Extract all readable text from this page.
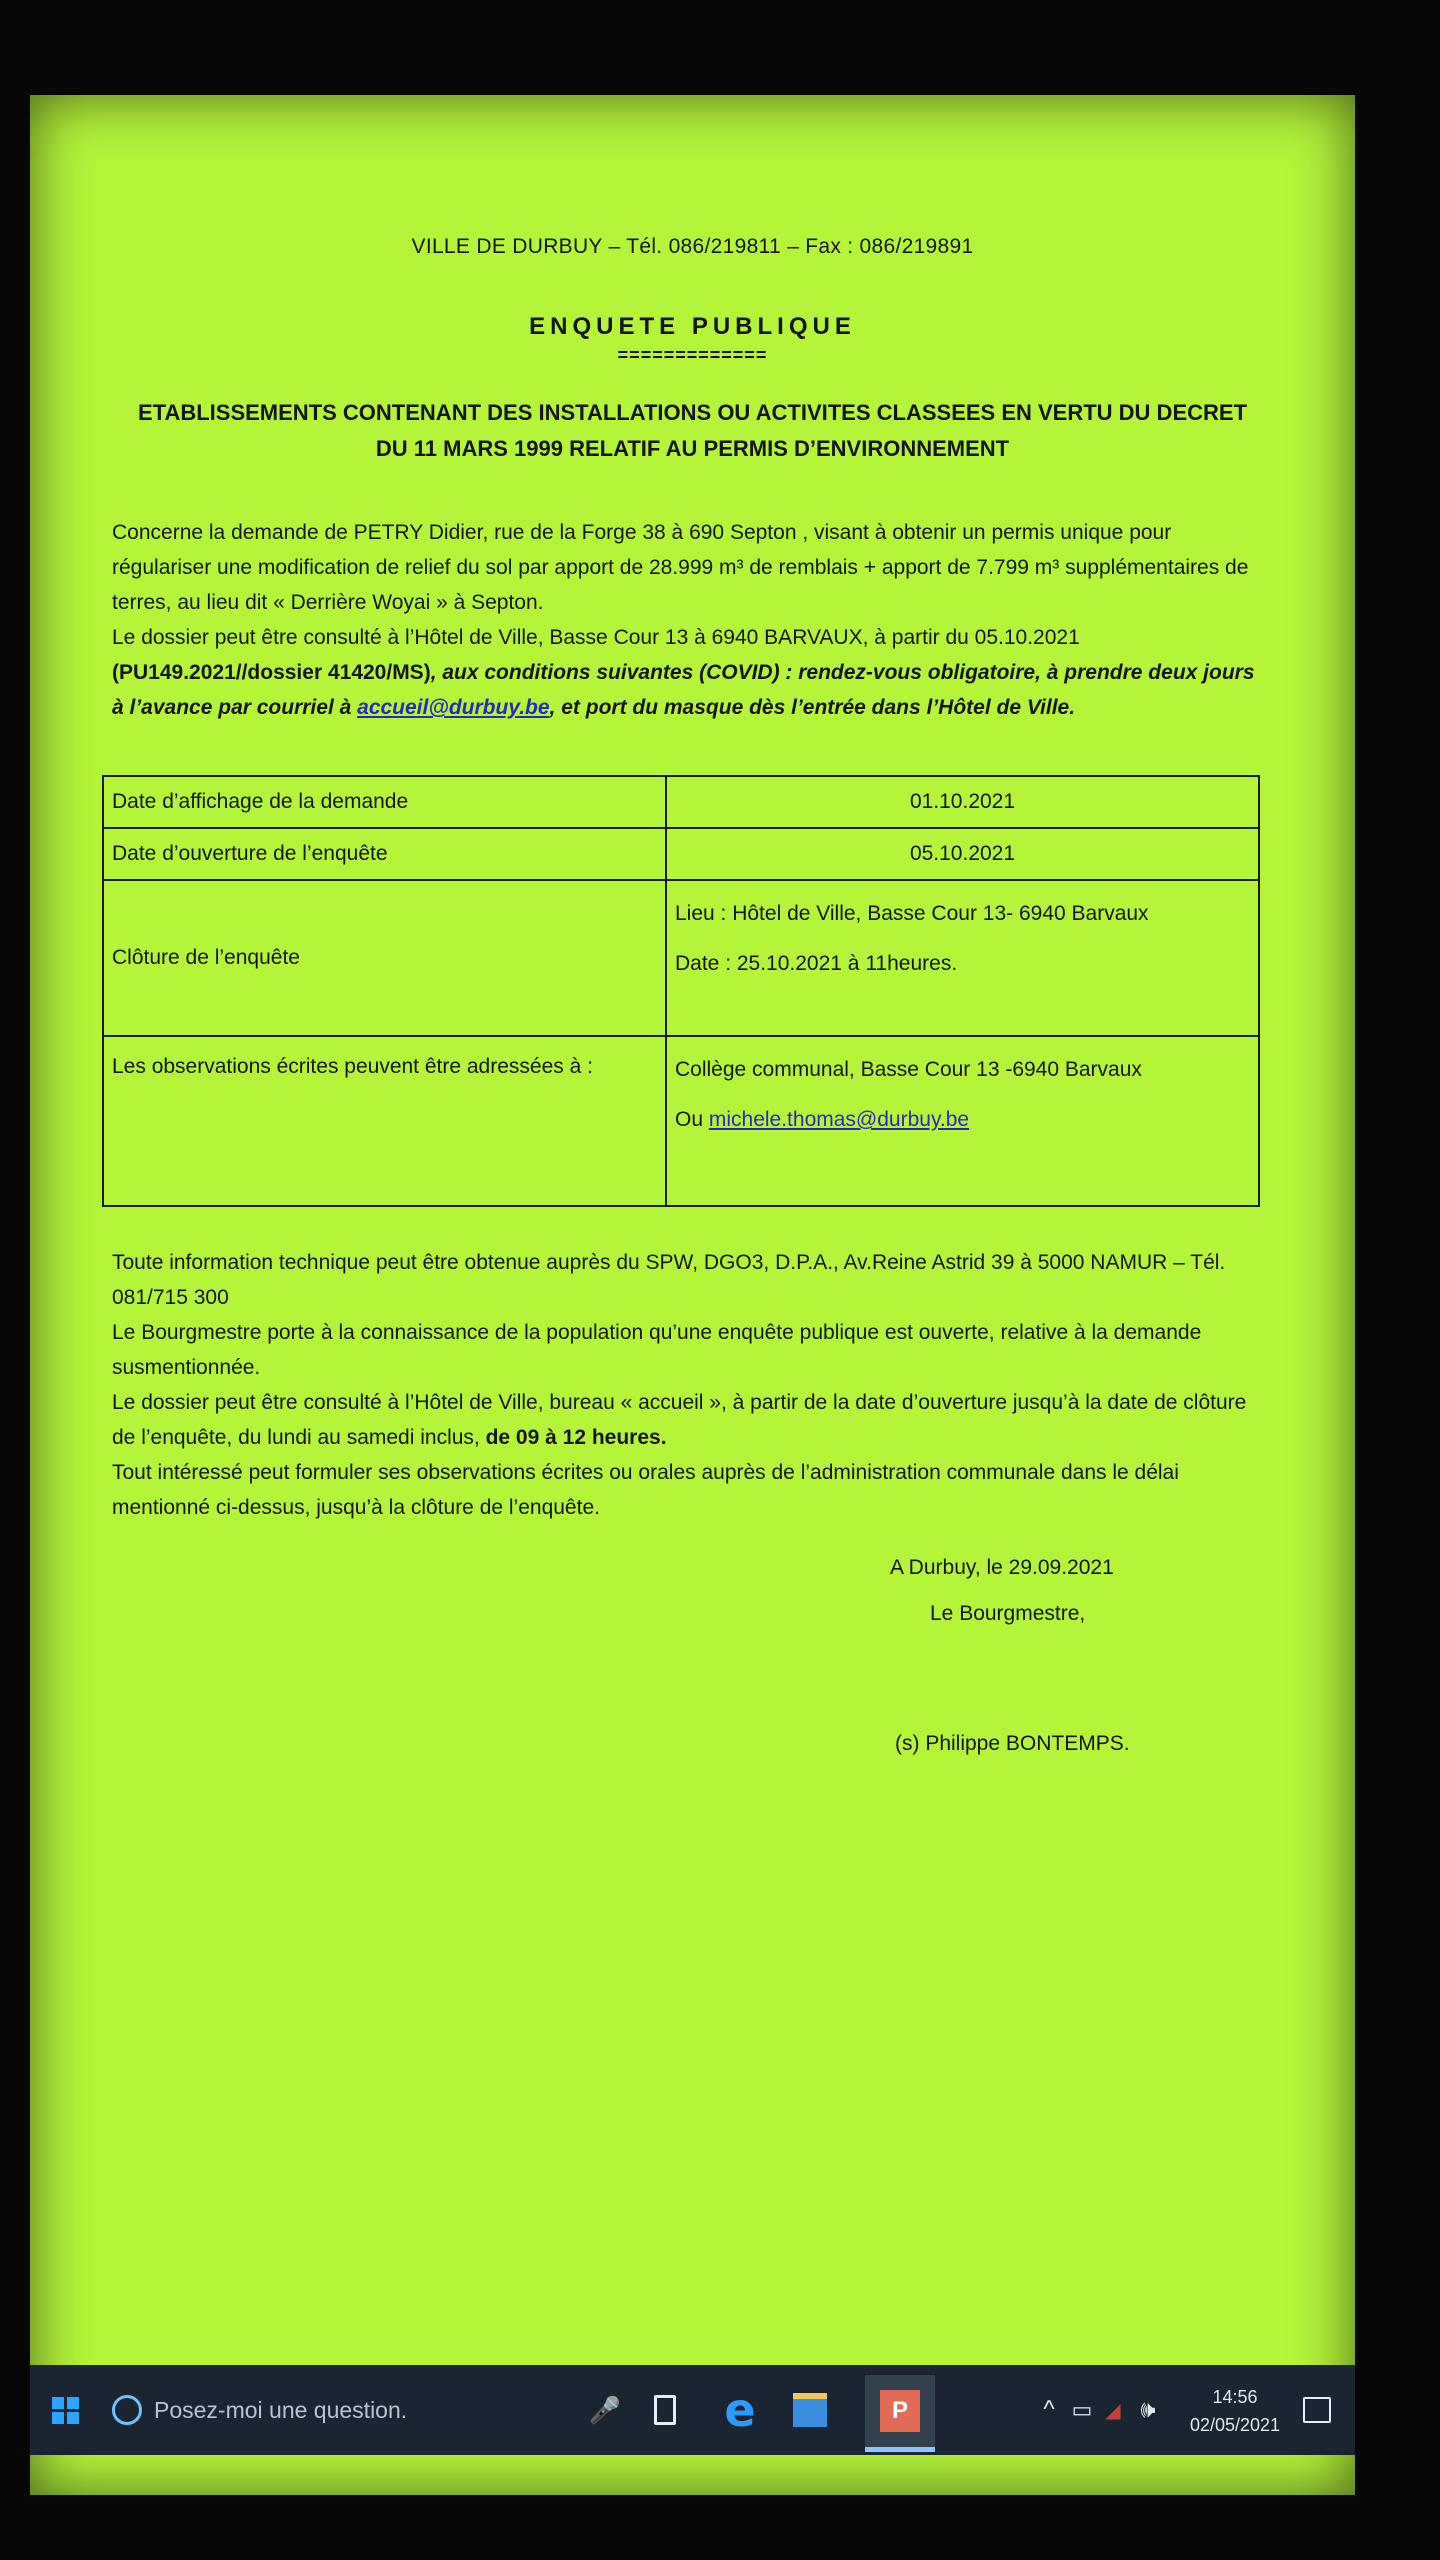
VILLE DE DURBUY – Tél. 086/219811 – Fax : 086/219891
ENQUETE PUBLIQUE
=============
ETABLISSEMENTS CONTENANT DES INSTALLATIONS OU ACTIVITES CLASSEES EN VERTU DU DECRET DU 11 MARS 1999 RELATIF AU PERMIS D’ENVIRONNEMENT

Concerne la demande de PETRY Didier, rue de la Forge 38 à 690 Septon , visant à obtenir un permis unique pour régulariser une modification de relief du sol par apport de 28.999 m³ de remblais + apport de 7.799 m³ supplémentaires de terres, au lieu dit « Derrière Woyai » à Septon.

Le dossier peut être consulté à l’Hôtel de Ville, Basse Cour 13 à 6940 BARVAUX, à partir du 05.10.2021 (PU149.2021//dossier 41420/MS), aux conditions suivantes (COVID) : rendez-vous obligatoire, à prendre deux jours à l’avance par courriel à accueil@durbuy.be, et port du masque dès l’entrée dans l’Hôtel de Ville.

Date d’affichage de la demande	01.10.2021
Date d’ouverture de l’enquête	05.10.2021
Clôture de l’enquête	Lieu : Hôtel de Ville, Basse Cour 13- 6940 Barvaux
Date : 25.10.2021 à 11heures.

Les observations écrites peuvent être adressées à :	Collège communal, Basse Cour 13 -6940 Barvaux
Ou michele.thomas@durbuy.be

Toute information technique peut être obtenue auprès du SPW, DGO3, D.P.A., Av.Reine Astrid 39 à 5000 NAMUR – Tél. 081/715 300

Le Bourgmestre porte à la connaissance de la population qu’une enquête publique est ouverte, relative à la demande susmentionnée.

Le dossier peut être consulté à l’Hôtel de Ville, bureau « accueil », à partir de la date d’ouverture jusqu’à la date de clôture de l’enquête, du lundi au samedi inclus, de 09 à 12 heures.

Tout intéressé peut formuler ses observations écrites ou orales auprès de l’administration communale dans le délai mentionné ci-dessus, jusqu’à la clôture de l’enquête.

A Durbuy, le 29.09.2021
Le Bourgmestre,
(s) Philippe BONTEMPS.
Posez-moi une question.	🎤	e	P	^ ▭ ◢ 🕪	14:56
02/05/2021
